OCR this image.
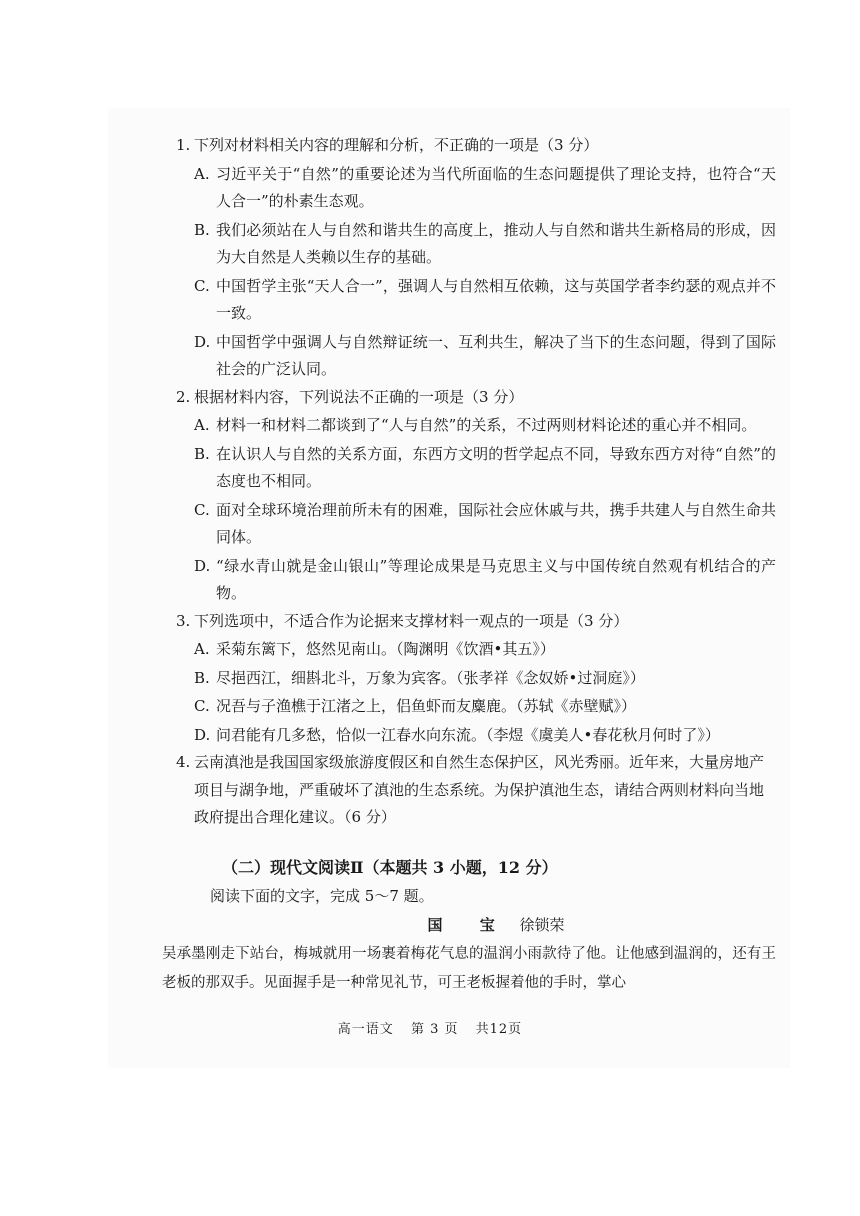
1. 下列对材料相关内容的理解和分析，不正确的一项是（3 分）
A. 习近平关于“自然”的重要论述为当代所面临的生态问题提供了理论支持，也符合“天人合一”的朴素生态观。
B. 我们必须站在人与自然和谐共生的高度上，推动人与自然和谐共生新格局的形成，因为大自然是人类赖以生存的基础。
C. 中国哲学主张“天人合一”，强调人与自然相互依赖，这与英国学者李约瑟的观点并不一致。
D. 中国哲学中强调人与自然辩证统一、互利共生，解决了当下的生态问题，得到了国际社会的广泛认同。
2. 根据材料内容，下列说法不正确的一项是（3 分）
A. 材料一和材料二都谈到了“人与自然”的关系，不过两则材料论述的重心并不相同。
B. 在认识人与自然的关系方面，东西方文明的哲学起点不同，导致东西方对待“自然”的态度也不相同。
C. 面对全球环境治理前所未有的困难，国际社会应休戚与共，携手共建人与自然生命共同体。
D. “绿水青山就是金山银山”等理论成果是马克思主义与中国传统自然观有机结合的产物。
3. 下列选项中，不适合作为论据来支撑材料一观点的一项是（3 分）
A. 采菊东篱下，悠然见南山。（陶渊明《饮酒•其五》）
B. 尽挹西江，细斟北斗，万象为宾客。（张孝祥《念奴娇•过洞庭》）
C. 况吾与子渔樵于江渚之上，侣鱼虾而友麋鹿。（苏轼《赤壁赋》）
D. 问君能有几多愁，恰似一江春水向东流。（李煜《虞美人•春花秋月何时了》）
4. 云南滇池是我国国家级旅游度假区和自然生态保护区，风光秀丽。近年来，大量房地产项目与湖争地，严重破坏了滇池的生态系统。为保护滇池生态，请结合两则材料向当地政府提出合理化建议。（6 分）
（二）现代文阅读Ⅱ（本题共 3 小题，12 分）
阅读下面的文字，完成 5～7 题。
国 宝 徐锁荣
吴承墨刚走下站台，梅城就用一场裹着梅花气息的温润小雨款待了他。让他感到温润的，还有王老板的那双手。见面握手是一种常见礼节，可王老板握着他的手时，掌心
高一语文 第 3 页 共12页
